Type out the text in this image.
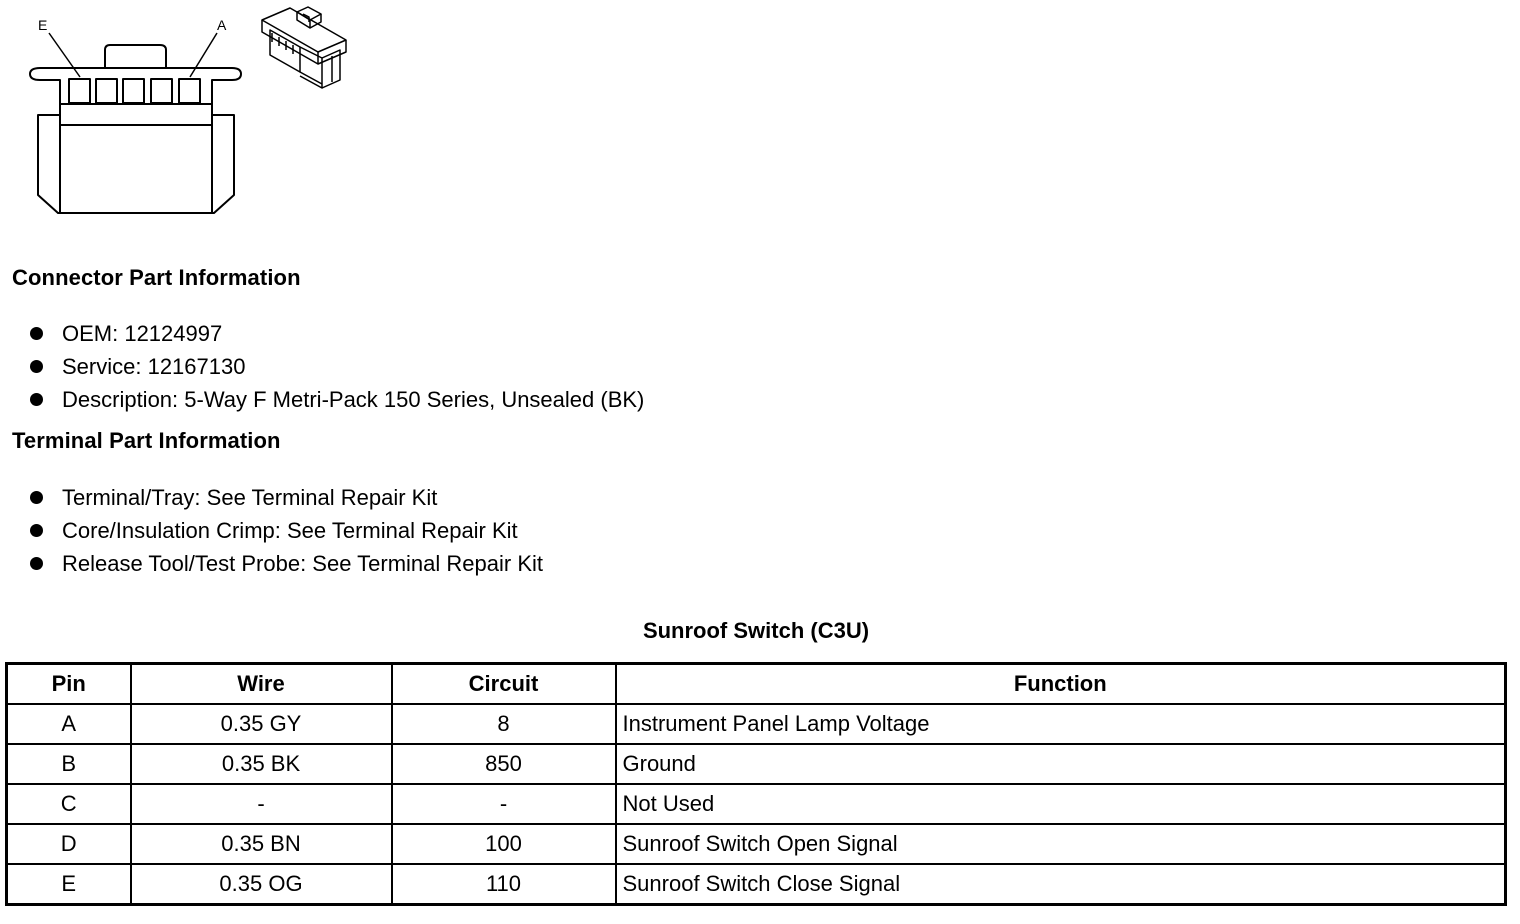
E	A
Connector Part Information
OEM: 12124997
Service: 12167130
Description: 5-Way F Metri-Pack 150 Series, Unsealed (BK)
Terminal Part Information
Terminal/Tray: See Terminal Repair Kit
Core/Insulation Crimp: See Terminal Repair Kit
Release Tool/Test Probe: See Terminal Repair Kit
Sunroof Switch (C3U)
Pin	Wire	Circuit	Function
A	0.35 GY	8	Instrument Panel Lamp Voltage
B	0.35 BK	850	Ground
C	-	-	Not Used
D	0.35 BN	100	Sunroof Switch Open Signal
E	0.35 OG	110	Sunroof Switch Close Signal
